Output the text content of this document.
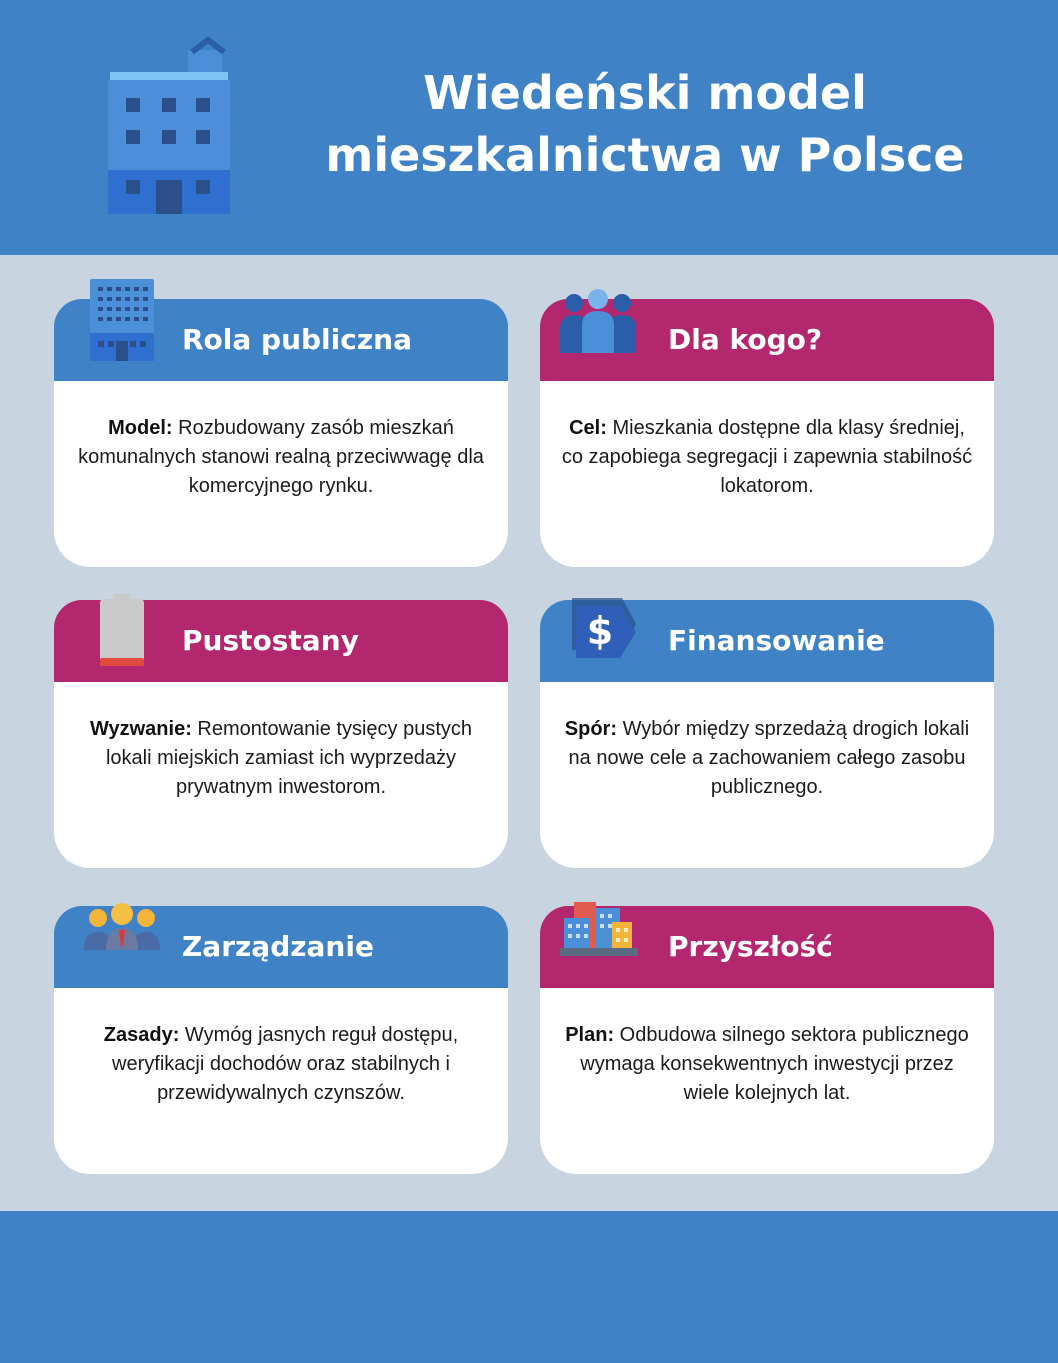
Wiedeński model
mieszkalnictwa w Polsce
Model: Rozbudowany zasób mieszkań komunalnych stanowi realną przeciwwagę dla komercyjnego rynku.
Rola publiczna
Cel: Mieszkania dostępne dla klasy średniej, co zapobiega segregacji i zapewnia stabilność lokatorom.
Dla kogo?
Wyzwanie: Remontowanie tysięcy pustych lokali miejskich zamiast ich wyprzedaży prywatnym inwestorom.
Pustostany
Spór: Wybór między sprzedażą drogich lokali na nowe cele a zachowaniem całego zasobu publicznego.
Finansowanie
$
Zasady: Wymóg jasnych reguł dostępu, weryfikacji dochodów oraz stabilnych i przewidywalnych czynszów.
Zarządzanie
Plan: Odbudowa silnego sektora publicznego wymaga konsekwentnych inwestycji przez wiele kolejnych lat.
Przyszłość
